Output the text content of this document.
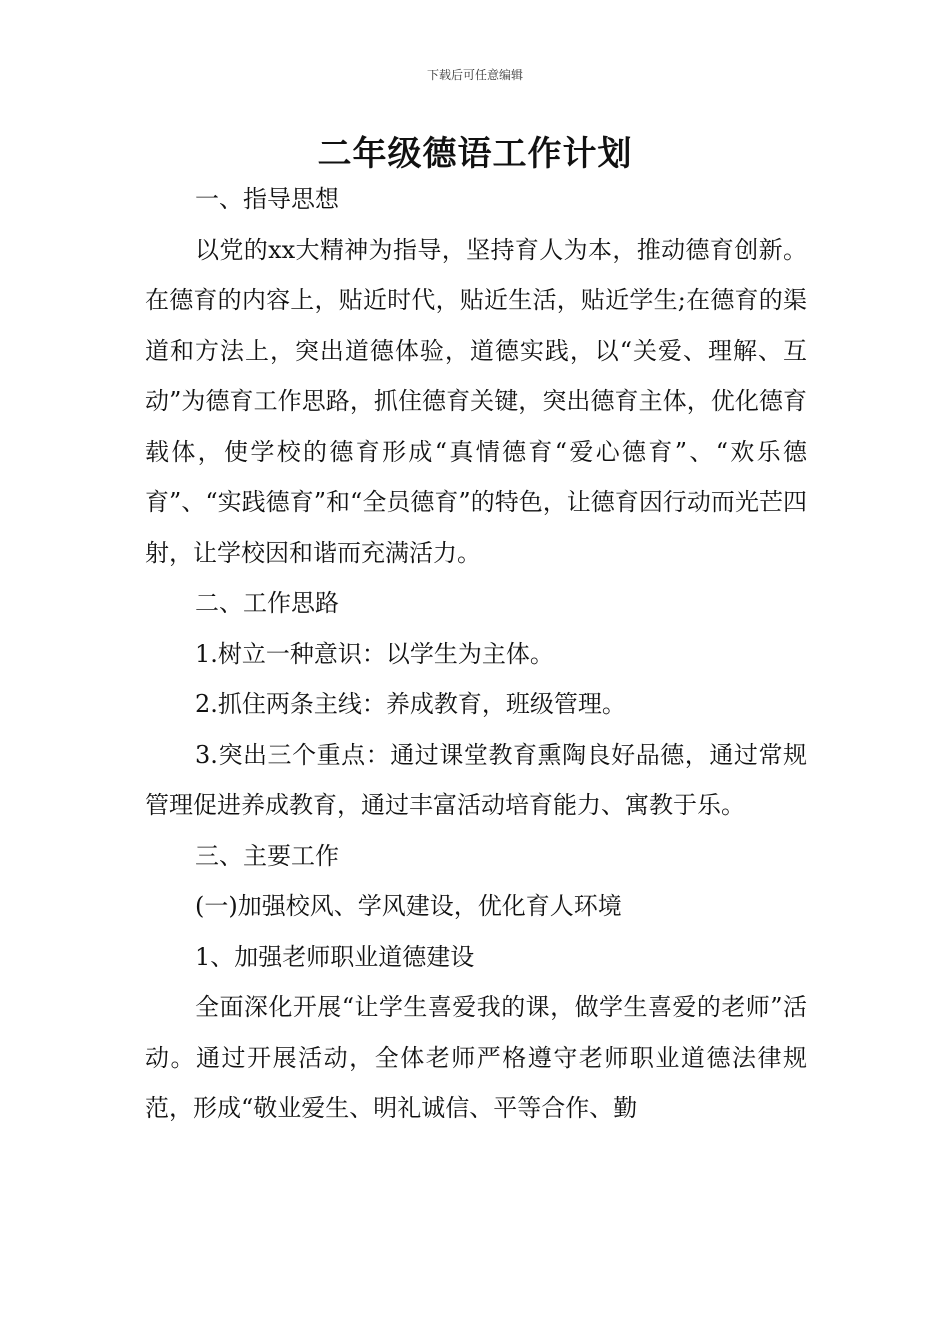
下载后可任意编辑
二年级德语工作计划

一、指导思想

以党的xx大精神为指导，坚持育人为本，推动德育创新。在德育的内容上，贴近时代，贴近生活，贴近学生;在德育的渠道和方法上，突出道德体验，道德实践，以“关爱、理解、互动”为德育工作思路，抓住德育关键，突出德育主体，优化德育载体，使学校的德育形成“真情德育“爱心德育”、“欢乐德育”、“实践德育”和“全员德育”的特色，让德育因行动而光芒四射，让学校因和谐而充满活力。

二、工作思路

1.树立一种意识：以学生为主体。

2.抓住两条主线：养成教育，班级管理。

3.突出三个重点：通过课堂教育熏陶良好品德，通过常规管理促进养成教育，通过丰富活动培育能力、寓教于乐。

三、主要工作

(一)加强校风、学风建设，优化育人环境

1、加强老师职业道德建设

全面深化开展“让学生喜爱我的课，做学生喜爱的老师”活动。通过开展活动，全体老师严格遵守老师职业道德法律规范，形成“敬业爱生、明礼诚信、平等合作、勤
